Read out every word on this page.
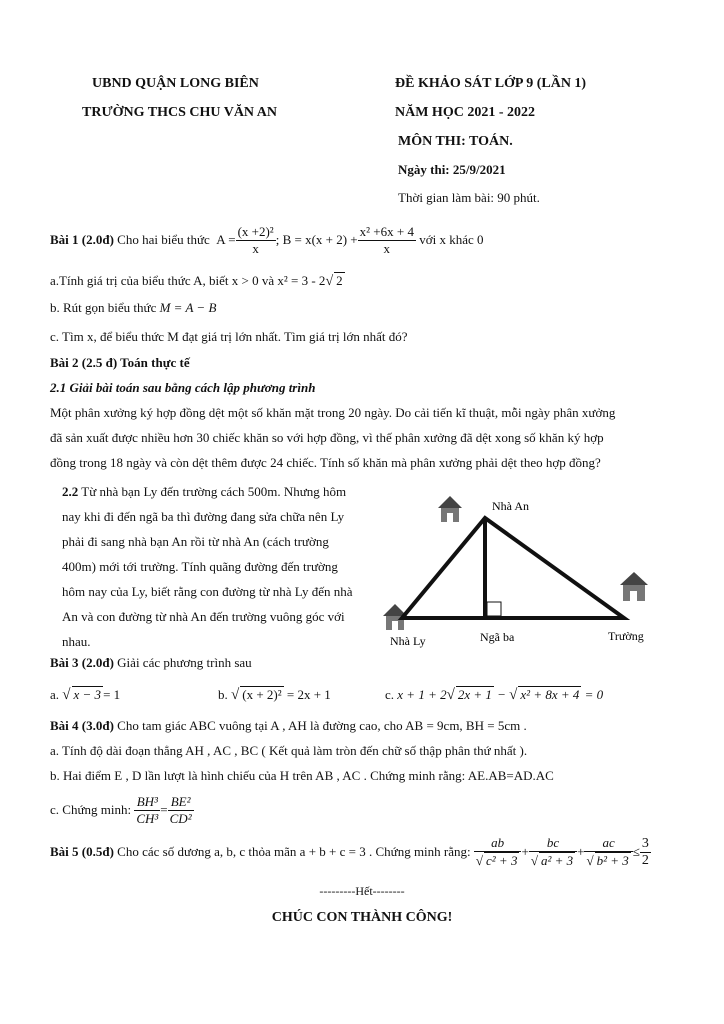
UBND QUẬN LONG BIÊN
TRƯỜNG THCS CHU VĂN AN
ĐỀ KHẢO SÁT LỚP 9 (LẦN 1)
NĂM HỌC 2021 - 2022
MÔN THI: TOÁN.
Ngày thi: 25/9/2021
Thời gian làm bài: 90 phút.
Bài 1 (2.0đ)
Cho hai biểu thức
$A = \frac{\text{(x +2)²}}{x}$ ; $B = x(x + 2) + \frac{\text{x² +6x + 4}}{x}$
với x khác 0
a.Tính giá trị của biểu thức A, biết x > 0 và x² = 3 - 2√ 2
b. Rút gọn biểu thức M = A − B
c. Tìm x, để biểu thức M đạt giá trị lớn nhất. Tìm giá trị lớn nhất đó?
Bài 2 (2.5 đ) Toán thực tế
2.1 Giải bài toán sau bằng cách lập phương trình
Một phân xưởng ký hợp đồng dệt một số khăn mặt trong 20 ngày. Do cải tiến kĩ thuật, mỗi ngày phân xưởng
đã sản xuất được nhiều hơn 30 chiếc khăn so với hợp đồng, vì thế phân xưởng đã dệt xong số khăn ký hợp
đồng trong 18 ngày và còn dệt thêm được 24 chiếc. Tính số khăn mà phân xưởng phải dệt theo hợp đồng?
2.2 Từ nhà bạn Ly đến trường cách 500m. Nhưng hôm
nay khi đi đến ngã ba thì đường đang sửa chữa nên Ly
phải đi sang nhà bạn An rồi từ nhà An (cách trường
400m) mới tới trường. Tính quãng đường đến trường
hôm nay của Ly, biết rằng con đường từ nhà Ly đến nhà
An và con đường từ nhà An đến trường vuông góc với
nhau.
Nhà An
Nhà Ly	Ngã ba	Trường
Bài 3 (2.0đ) Giải các phương trình sau
a. √ x − 3 = 1	b. √ (x + 2)² = 2x + 1	c. x + 1 + 2√ 2x + 1 − √ x² + 8x + 4 = 0
Bài 4 (3.0đ) Cho tam giác ABC vuông tại A , AH là đường cao, cho AB = 9cm, BH = 5cm .
a. Tính độ dài đoạn thẳng AH , AC , BC ( Kết quả làm tròn đến chữ số thập phân thứ nhất ).
b. Hai điểm E , D lần lượt là hình chiếu của H trên AB , AC . Chứng minh rằng: AE.AB=AD.AC
c. Chứng minh:
$\frac{\text{BH³}}{\text{CH³}} = \frac{\text{BE²}}{\text{CD²}}$
Bài 5 (0.5đ)
Cho các số dương a, b, c thỏa mãn a + b + c = 3 . Chứng minh rằng:
$\frac{ab}{\text{√ c² + 3}} + \frac{bc}{\text{√ a² + 3}} + \frac{ac}{\text{√ b² + 3}} \le \frac{3}{2}$
---------Hết--------
CHÚC CON THÀNH CÔNG!
